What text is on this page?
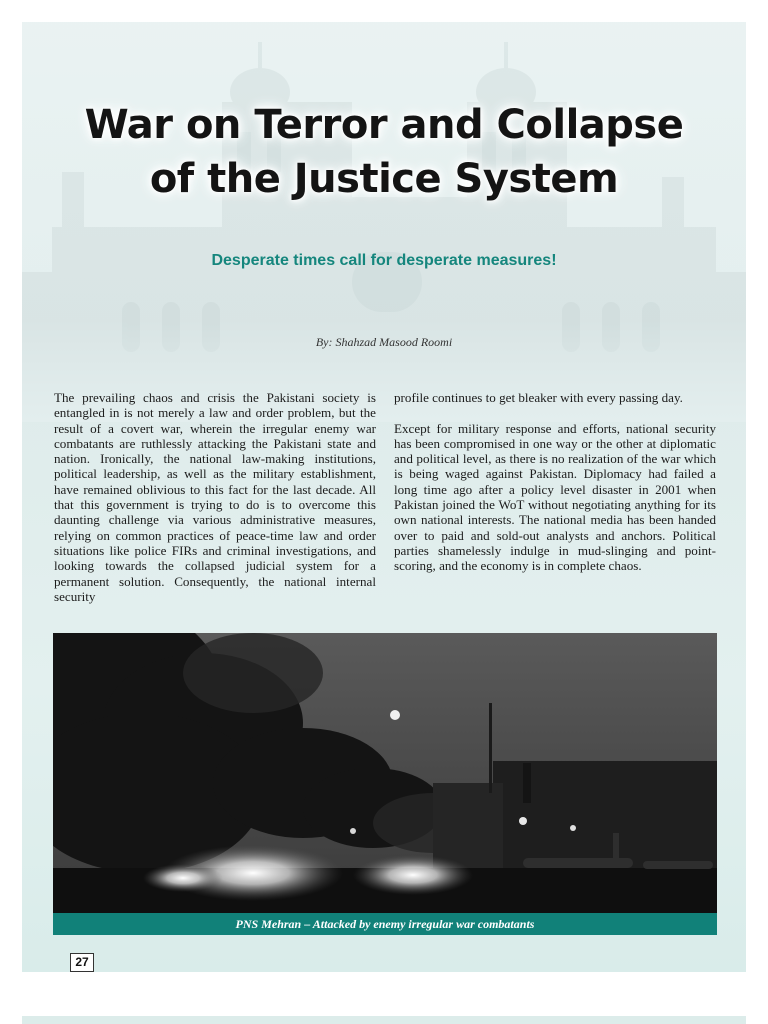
War on Terror and Collapse
of the Justice System
Desperate times call for desperate measures!
By: Shahzad Masood Roomi

The prevailing chaos and crisis the Pakistani society is entangled in is not merely a law and order problem, but the result of a covert war, wherein the irregular enemy war combatants are ruthlessly attacking the Pakistani state and nation. Ironically, the national law-making institutions, political leadership, as well as the military establishment, have remained oblivious to this fact for the last decade. All that this government is trying to do is to overcome this daunting challenge via various administrative measures, relying on common practices of peace-time law and order situations like police FIRs and criminal investigations, and looking towards the collapsed judicial system for a permanent solution. Consequently, the national internal security

profile continues to get bleaker with every passing day.

Except for military response and efforts, national security has been compromised in one way or the other at diplomatic and political level, as there is no realization of the war which is being waged against Pakistan. Diplomacy had failed a long time ago after a policy level disaster in 2001 when Pakistan joined the WoT without negotiating anything for its own national interests. The national media has been handed over to paid and sold-out analysts and anchors. Political parties shamelessly indulge in mud-slinging and point-scoring, and the economy is in complete chaos.

PNS Mehran – Attacked by enemy irregular war combatants
27
